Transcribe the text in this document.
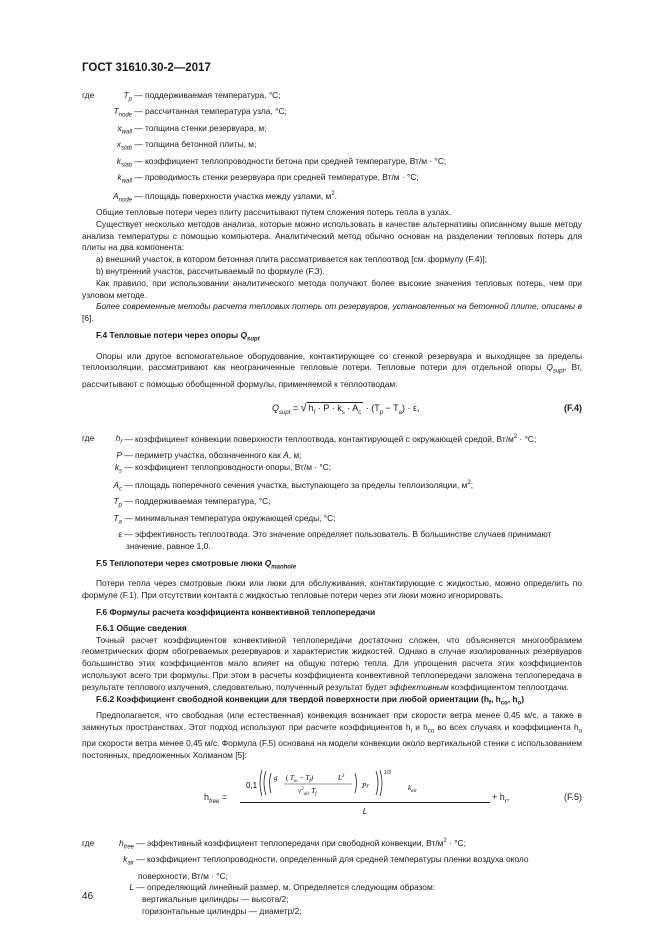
ГОСТ 31610.30-2—2017
где	$T_p$ — поддерживаемая температура, °С;
$T_{node}$ — рассчитанная температура узла, °С;
$x_{wall}$ — толщина стенки резервуара, м;
$x_{slab}$ — толщина бетонной плиты, м;
$k_{slab}$ — коэффициент теплопроводности бетона при средней температуре, Вт/м · °С;
$k_{wall}$ — проводимость стенки резервуара при средней температуре, Вт/м · °С;
$A_{node}$ — площадь поверхности участка между узлами, $м^2$.

Общие тепловые потери через плиту рассчитывают путем сложения потерь тепла в узлах.

Существует несколько методов анализа, которые можно использовать в качестве альтернативы описанному выше методу анализа температуры с помощью компьютера. Аналитический метод обычно основан на разделении тепловых потерь для плиты на два компонента:

а) внешний участок, в котором бетонная плита рассматривается как теплоотвод [см. формулу (F.4)];

b) внутренний участок, рассчитываемый по формуле (F.3).

Как правило, при использовании аналитического метода получают более высокие значения тепловых потерь, чем при узловом методе.

Более современные методы расчета тепловых потерь от резервуаров, установленных на бетонной плите, описаны в [6].

F.4 Тепловые потери через опоры $Q_{supt}$

Опоры или другое вспомогательное оборудование, контактирующее со стенкой резервуара и выходящее за пределы теплоизоляции, рассматривают как неограниченные тепловые потери. Тепловые потери для отдельной опоры $Q_{supt}$, Вт, рассчитывают с помощью обобщенной формулы, применяемой к теплоотводам:

$Q_{supt}$ = √ $h_f \cdot P \cdot k_s \cdot A_c \cdot (T_p - T_a) \cdot \varepsilon$,	(F.4)
где	$h_f$ — коэффициент конвекции поверхности теплоотвода, контактирующей с окружающей средой, $Вт/м^2 \cdot ^\circ С$;
P — периметр участка, обозначенного как A, м;
$k_s$ — коэффициент теплопроводности опоры, Вт/м · °С;
$A_c$ — площадь поперечного сечения участка, выступающего за пределы теплоизоляции, $м^2$;
$T_p$ — поддерживаемая температура, °С;
$T_a$ — минимальная температура окружающей среды, °С;
ε — эффективность теплоотвода. Это значение определяет пользователь. В большинстве случаев принимают значение, равное 1,0.
F.5 Теплопотери через смотровые люки $Q_{manhole}$

Потери тепла через смотровые люки или люки для обслуживания, контактирующие с жидкостью, можно определить по формуле (F.1). При отсутствии контакта с жидкостью тепловые потери через эти люки можно игнорировать.

F.6 Формулы расчета коэффициента конвективной теплопередачи
F.6.1 Общие сведения

Точный расчет коэффициентов конвективной теплопередачи достаточно сложен, что объясняется многообразием геометрических форм обогреваемых резервуаров и характеристик жидкостей. Однако в случае изолированных резервуаров большинство этих коэффициентов мало влияет на общую потерю тепла. Для упрощения расчета этих коэффициентов используют всего три формулы. При этом в расчеты коэффициента конвективной теплопередачи заложена теплопередача в результате теплового излучения, следовательно, полученный результат будет эффективным коэффициентом теплоотдачи.

F.6.2 Коэффициент свободной конвекции для твердой поверхности при любой ориентации ($h_f$, $h_{co}$, $h_o$)

Предполагается, что свободная (или естественная) конвекция возникает при скорости ветра менее 0,45 м/с, а также в замкнутых пространствах. Этот подход используют при расчете коэффициентов $h_i$ и $h_{co}$ во всех случаях и коэффициента $h_o$ при скорости ветра менее 0,45 м/с. Формула (F.5) основана на модели конвекции около вертикальной стенки с использованием постоянных, предложенных Холманом [5]:

$h_{free}$ =
0,1
g ( $T_w - T_f$)	$L^3$
$\nu^2_{air}$ $T_f$
Pr
1/3
$k_{air}$
L
+ $h_r$,	(F.5)
где	$h_{free}$ — эффективный коэффициент теплопередачи при свободной конвекции, $Вт/м^2 \cdot ^\circ С$;
$k_{air}$ — коэффициент теплопроводности, определенный для средней температуры пленки воздуха около поверхности, Вт/м · °С;
L — определяющий линейный размер, м. Определяется следующим образом:
вертикальные цилиндры — высота/2;
горизонтальные цилиндры — диаметр/2;
46
